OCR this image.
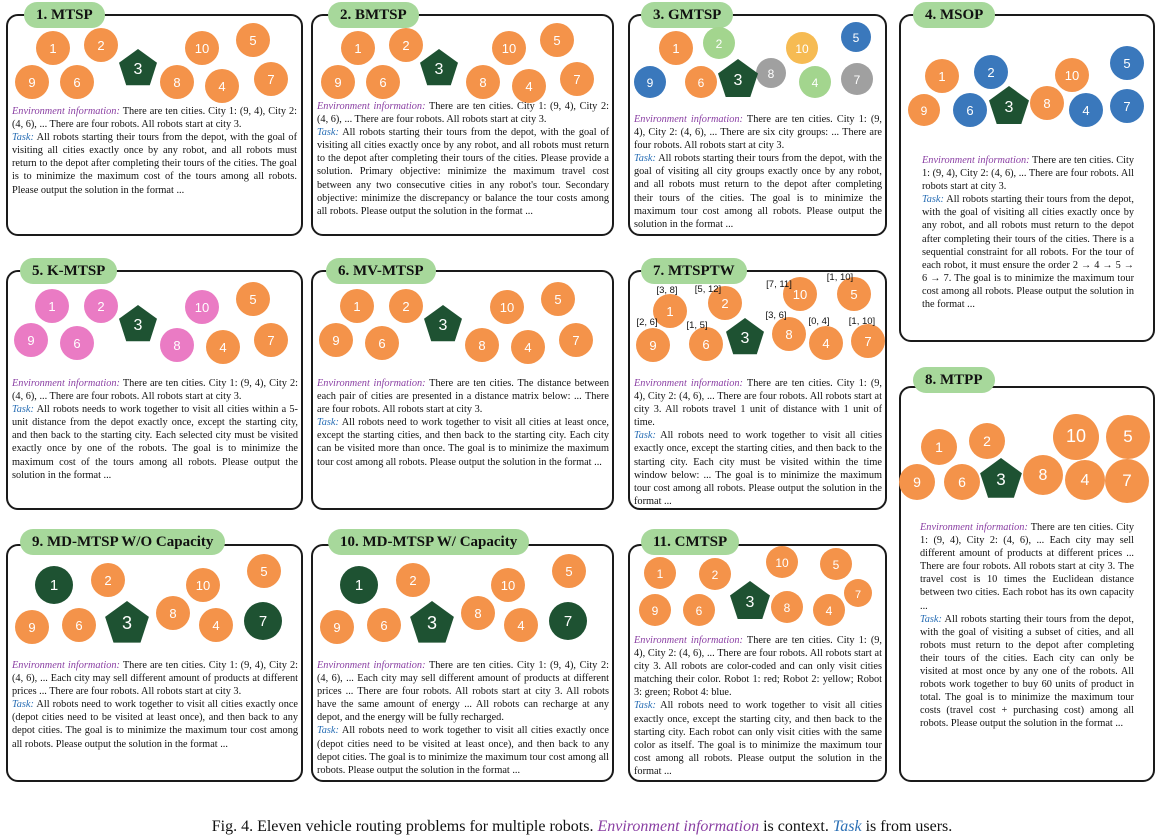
1. MTSP
1	2	10
5
9	6	8	4	7
3
Environment information: There are ten cities. City 1: (9, 4), City 2: (4, 6), ... There are four robots. All robots start at city 3.
Task: All robots starting their tours from the depot, with the goal of visiting all cities exactly once by any robot, and all robots must return to the depot after completing their tours of the cities. The goal is to minimize the maximum cost of the tours among all robots. Please output the solution in the format ...
2. BMTSP
1	2	10
5
9	6	8	4	7
3
Environment information: There are ten cities. City 1: (9, 4), City 2: (4, 6), ... There are four robots. All robots start at city 3.
Task: All robots starting their tours from the depot, with the goal of visiting all cities exactly once by any robot, and all robots must return to the depot after completing their tours of the cities. Please provide a solution. Primary objective: minimize the maximum travel cost between any two consecutive cities in any robot's tour. Secondary objective: minimize the discrepancy or balance the tour costs among all robots. Please output the solution in the format ...
3. GMTSP
1	2	10
5
9	6
8
4	7
3
Environment information: There are ten cities. City 1: (9, 4), City 2: (4, 6), ... There are six city groups: ... There are four robots. All robots start at city 3.
Task: All robots starting their tours from the depot, with the goal of visiting all city groups exactly once by any robot, and all robots must return to the depot after completing their tours of the cities. The goal is to minimize the maximum tour cost among all robots. Please output the solution in the format ...
4. MSOP
1	2	10
5
9	6	8 4	7
3
Environment information: There are ten cities. City 1: (9, 4), City 2: (4, 6), ... There are four robots. All robots start at city 3.
Task: All robots starting their tours from the depot, with the goal of visiting all cities exactly once by any robot, and all robots must return to the depot after completing their tours of the cities. There is a sequential constraint for all robots. For the tour of each robot, it must ensure the order 2 → 4 → 5 → 6 → 7. The goal is to minimize the maximum tour cost among all robots. Please output the solution in the format ...
5. K-MTSP
1	2	10
5
9	6	8	4	7
3
Environment information: There are ten cities. City 1: (9, 4), City 2: (4, 6), ... There are four robots. All robots start at city 3.
Task: All robots needs to work together to visit all cities within a 5-unit distance from the depot exactly once, except the starting city, and then back to the starting city. Each selected city must be visited exactly once by one of the robots. The goal is to minimize the maximum cost of the tours among all robots. Please output the solution in the format ...
6. MV-MTSP
1	2	10
5
9	6	8	4	7
3
Environment information: There are ten cities. The distance between each pair of cities are presented in a distance matrix below: ... There are four robots. All robots start at city 3.
Task: All robots need to work together to visit all cities at least once, except the starting cities, and then back to the starting city. Each city can be visited more than once. The goal is to minimize the maximum tour cost among all robots. Please output the solution in the format ...
7. MTSPTW
1
2
10	5
9	6
8
4	7
3
[3, 8] [5, 12]	[7, 11]
[1, 10]
[2, 6]	[1, 5]
[3, 6]
[0, 4] [1, 10]
Environment information: There are ten cities. City 1: (9, 4), City 2: (4, 6), ... There are four robots. All robots start at city 3. All robots travel 1 unit of distance with 1 unit of time.
Task: All robots need to work together to visit all cities exactly once, except the starting cities, and then back to the starting city. Each city must be visited within the time window below: ... The goal is to minimize the maximum tour cost among all robots. Please output the solution in the format ...
8. MTPP
1	2	10 5
9	6	8 4 7
3
Environment information: There are ten cities. City 1: (9, 4), City 2: (4, 6), ... Each city may sell different amount of products at different prices ... There are four robots. All robots start at city 3. The travel cost is 10 times the Euclidean distance between two cities. Each robot has its own capacity ...
Task: All robots starting their tours from the depot, with the goal of visiting a subset of cities, and all robots must return to the depot after completing their tours of the cities. Each city can only be visited at most once by any one of the robots. All robots work together to buy 60 units of product in total. The goal is to minimize the maximum tour costs (travel cost + purchasing cost) among all robots. Please output the solution in the format ...
9. MD-MTSP W/O Capacity
1	2	10
5
9	6
8
4	7
3
Environment information: There are ten cities. City 1: (9, 4), City 2: (4, 6), ... Each city may sell different amount of products at different prices ... There are four robots. All robots start at city 3.
Task: All robots need to work together to visit all cities exactly once (depot cities need to be visited at least once), and then back to any depot cities. The goal is to minimize the maximum tour cost among all robots. Please output the solution in the format ...
10. MD-MTSP W/ Capacity
1	2	10
5
9	6
8
4	7
3
Environment information: There are ten cities. City 1: (9, 4), City 2: (4, 6), ... Each city may sell different amount of products at different prices ... There are four robots. All robots start at city 3. All robots have the same amount of energy ... All robots can recharge at any depot, and the energy will be fully recharged.
Task: All robots need to work together to visit all cities exactly once (depot cities need to be visited at least once), and then back to any depot cities. The goal is to minimize the maximum tour cost among all robots. Please output the solution in the format ...
11. CMTSP
1	2
10	5
9	6	8	4
7
3
Environment information: There are ten cities. City 1: (9, 4), City 2: (4, 6), ... There are four robots. All robots start at city 3. All robots are color-coded and can only visit cities matching their color. Robot 1: red; Robot 2: yellow; Robot 3: green; Robot 4: blue.
Task: All robots need to work together to visit all cities exactly once, except the starting city, and then back to the starting city. Each robot can only visit cities with the same color as itself. The goal is to minimize the maximum tour cost among all robots. Please output the solution in the format ...
Fig. 4. Eleven vehicle routing problems for multiple robots. Environment information is context. Task is from users.
